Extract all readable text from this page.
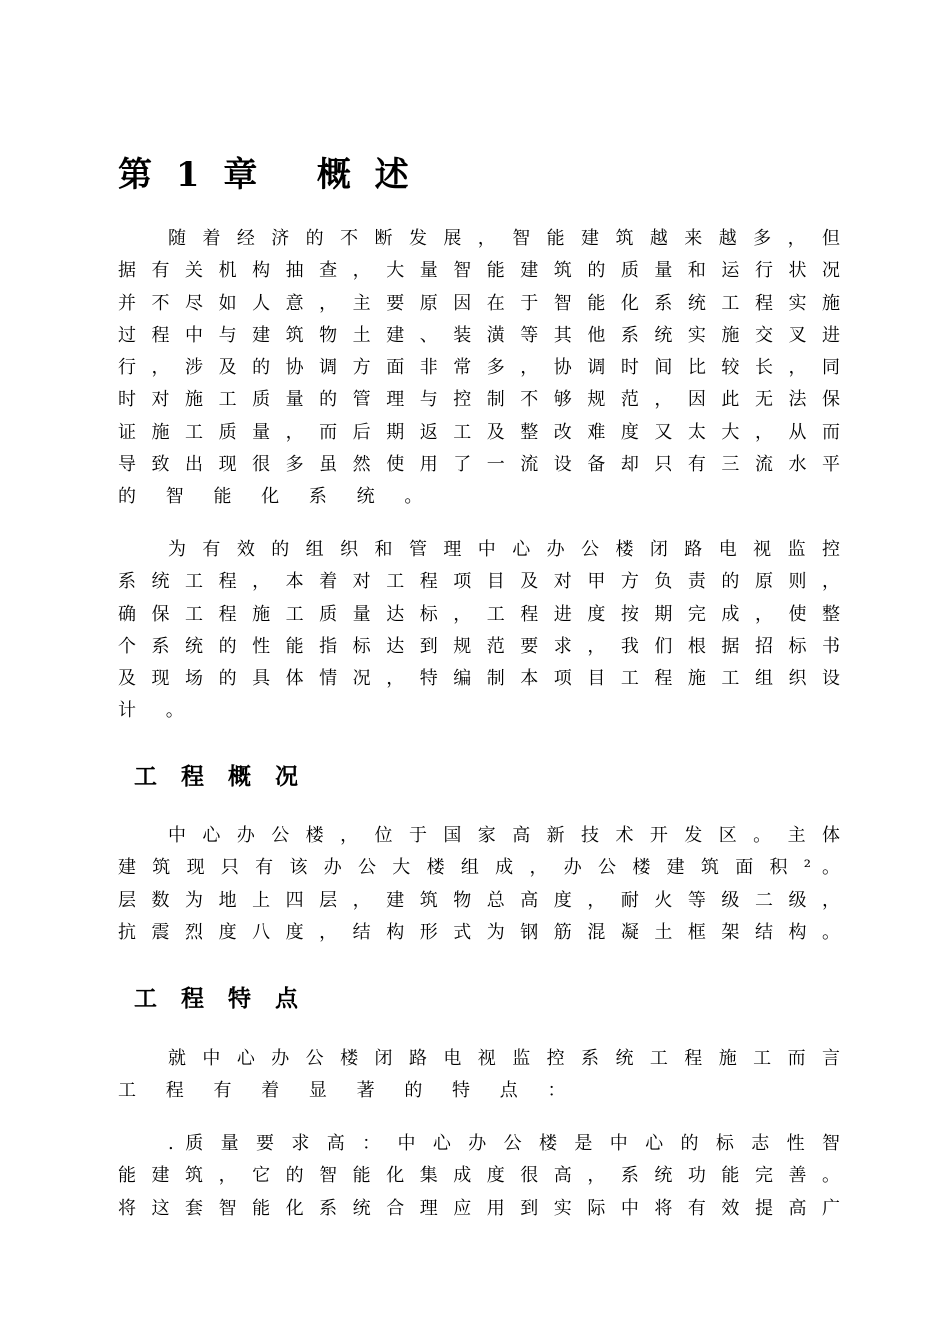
第 1 章   概 述
随 着 经 济 的 不 断 发 展 ， 智 能 建 筑 越 来 越 多 ， 但
据 有 关 机 构 抽 查 ， 大 量 智 能 建 筑 的 质 量 和 运 行 状 况
并 不 尽 如 人 意 ， 主 要 原 因 在 于 智 能 化 系 统 工 程 实 施
过 程 中 与 建 筑 物 土 建 、 装 潢 等 其 他 系 统 实 施 交 叉 进
行 ， 涉 及 的 协 调 方 面 非 常 多 ， 协 调 时 间 比 较 长 ， 同
时 对 施 工 质 量 的 管 理 与 控 制 不 够 规 范 ， 因 此 无 法 保
证 施 工 质 量 ， 而 后 期 返 工 及 整 改 难 度 又 太 大 ， 从 而
导 致 出 现 很 多 虽 然 使 用 了 一 流 设 备 却 只 有 三 流 水 平
的 智 能 化 系 统 。
为 有 效 的 组 织 和 管 理 中 心 办 公 楼 闭 路 电 视 监 控
系 统 工 程 ， 本 着 对 工 程 项 目 及 对 甲 方 负 责 的 原 则 ，
确 保 工 程 施 工 质 量 达 标 ， 工 程 进 度 按 期 完 成 ， 使 整
个 系 统 的 性 能 指 标 达 到 规 范 要 求 ， 我 们 根 据 招 标 书
及 现 场 的 具 体 情 况 ， 特 编 制 本 项 目 工 程 施 工 组 织 设
计 。
工 程 概 况
中 心 办 公 楼 ， 位 于 国 家 高 新 技 术 开 发 区 。 主 体
建 筑 现 只 有 该 办 公 大 楼 组 成 ， 办 公 楼 建 筑 面 积 ² 。
层 数 为 地 上 四 层 ， 建 筑 物 总 高 度 ， 耐 火 等 级 二 级 ，
抗 震 烈 度 八 度 ， 结 构 形 式 为 钢 筋 混 凝 土 框 架 结 构 。
工 程 特 点
就 中 心 办 公 楼 闭 路 电 视 监 控 系 统 工 程 施 工 而 言
工 程 有 着 显 著 的 特 点 ：
. 质 量 要 求 高 ： 中 心 办 公 楼 是 中 心 的 标 志 性 智
能 建 筑 ， 它 的 智 能 化 集 成 度 很 高 ， 系 统 功 能 完 善 。
将 这 套 智 能 化 系 统 合 理 应 用 到 实 际 中 将 有 效 提 高 广
